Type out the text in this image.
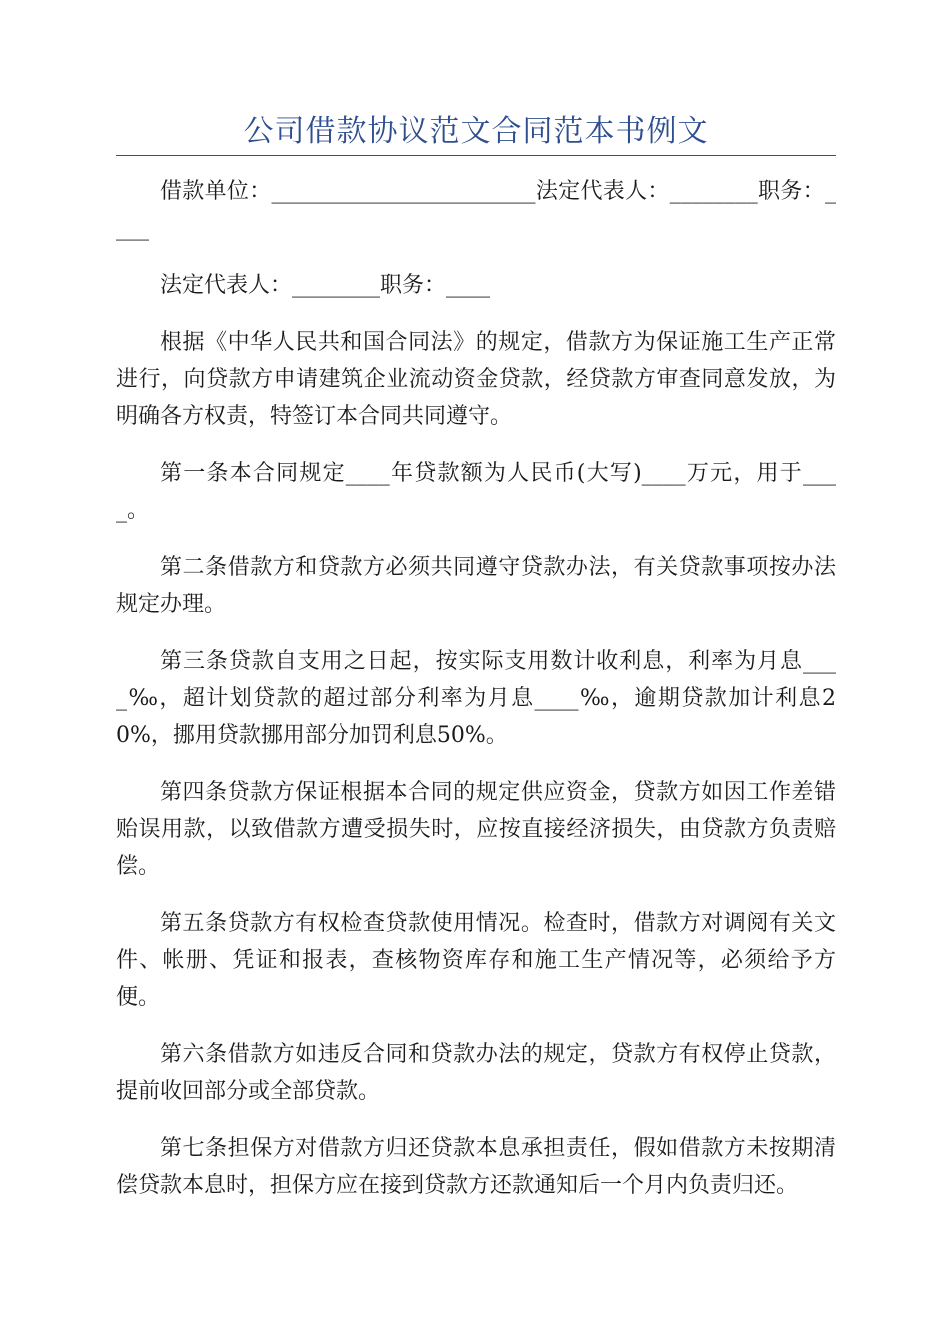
公司借款协议范文合同范本书例文

借款单位：________________________法定代表人：________职务：____

法定代表人：________职务：____

根据《中华人民共和国合同法》的规定，借款方为保证施工生产正常进行，向贷款方申请建筑企业流动资金贷款，经贷款方审查同意发放，为明确各方权责，特签订本合同共同遵守。

第一条本合同规定____年贷款额为人民币(大写)____万元，用于____。

第二条借款方和贷款方必须共同遵守贷款办法，有关贷款事项按办法规定办理。

第三条贷款自支用之日起，按实际支用数计收利息，利率为月息____‰，超计划贷款的超过部分利率为月息____‰，逾期贷款加计利息20%，挪用贷款挪用部分加罚利息50%。

第四条贷款方保证根据本合同的规定供应资金，贷款方如因工作差错贻误用款，以致借款方遭受损失时，应按直接经济损失，由贷款方负责赔偿。

第五条贷款方有权检查贷款使用情况。检查时，借款方对调阅有关文件、帐册、凭证和报表，查核物资库存和施工生产情况等，必须给予方便。

第六条借款方如违反合同和贷款办法的规定，贷款方有权停止贷款，提前收回部分或全部贷款。

第七条担保方对借款方归还贷款本息承担责任，假如借款方未按期清偿贷款本息时，担保方应在接到贷款方还款通知后一个月内负责归还。
